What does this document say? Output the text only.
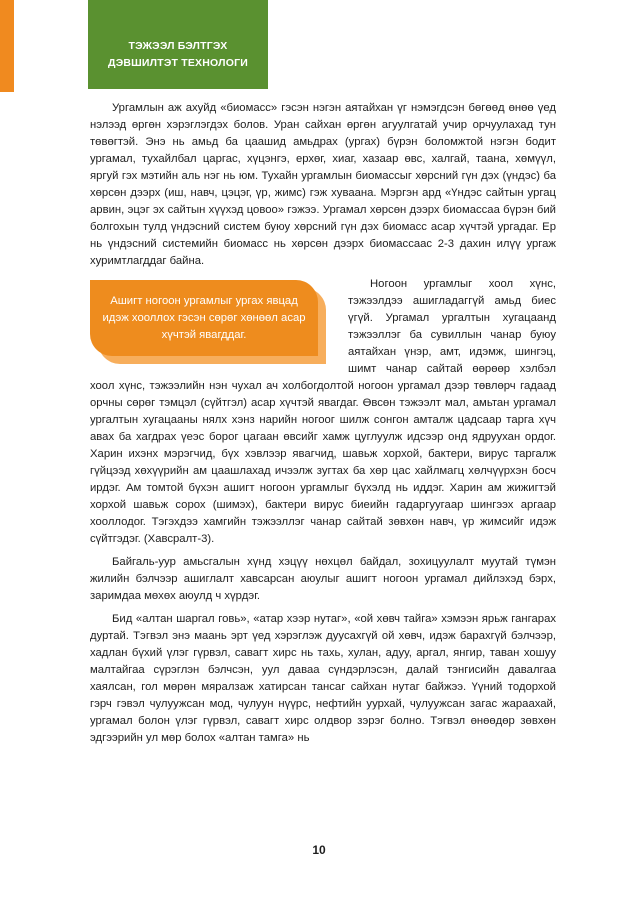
ТЭЖЭЭЛ БЭЛТГЭХ
ДЭВШИЛТЭТ ТЕХНОЛОГИ

Ургамлын аж ахуйд «биомасс» гэсэн нэгэн аятайхан үг нэмэгдсэн бөгөөд өнөө үед нэлээд өргөн хэрэглэгдэх болов. Уран сайхан өргөн агуулгатай учир орчуулахад тун төвөгтэй. Энэ нь амьд ба цаашид амьдрах (ургах) бүрэн боломжтой нэгэн бодит ургамал, тухайлбал царгас, хүцэнгэ, ерхөг, хиаг, хазаар өвс, халгай, таана, хөмүүл, яргуй гэх мэтийн аль нэг нь юм. Тухайн ургамлын биомассыг хөрсний гүн дэх (үндэс) ба хөрсөн дээрх (иш, навч, цэцэг, үр, жимс) гэж хуваана. Мэргэн ард «Үндэс сайтын ургац арвин, эцэг эх сайтын хүүхэд цовоо» гэжээ. Ургамал хөрсөн дээрх биомассаа бүрэн бий болгохын тулд үндэсний систем буюу хөрсний гүн дэх биомасс асар хүчтэй ургадаг. Ер нь үндэсний системийн биомасс нь хөрсөн дээрх биомассаас 2-3 дахин илүү ургаж хуримтлагддаг байна.

Ашигт ногоон ургамлыг ургах явцад идэж хооллох гэсэн сөрөг хөнөөл асар хүчтэй явагддаг.

Ногоон ургамлыг хоол хүнс, тэжээлдээ ашигладаггүй амьд биес үгүй. Ургамал ургалтын хугацаанд тэжээллэг ба сувиллын чанар буюу аятайхан үнэр, амт, идэмж, шингэц, шимт чанар сайтай өөрөөр хэлбэл хоол хүнс, тэжээлийн нэн чухал ач холбогдолтой ногоон ургамал дээр төвлөрч гадаад орчны сөрөг тэмцэл (сүйтгэл) асар хүчтэй явагдаг. Өвсөн тэжээлт мал, амьтан ургамал ургалтын хугацааны нялх хэнз нарийн ногоог шилж сонгон амталж цадсаар тарга хүч авах ба хагдрах үеэс борог цагаан өвсийг хамж цуглуулж идсээр онд ядруухан ордог. Харин ихэнх мэрэгчид, бүх хэвлээр явагчид, шавьж хорхой, бактери, вирус таргалж гүйцээд хөхүүрийн ам цаашлахад ичээлж зугтах ба хөр цас хайлмагц хөлчүүрхэн босч ирдэг. Ам томтой бүхэн ашигт ногоон ургамлыг бүхэлд нь иддэг. Харин ам жижигтэй хорхой шавьж сорох (шимэх), бактери вирус биеийн гадаргуугаар шингээх аргаар хооллодог. Тэгэхдээ хамгийн тэжээллэг чанар сайтай зөвхөн навч, үр жимсийг идэж сүйтгэдэг. (Хавсралт-3).

Байгаль-уур амьсгалын хүнд хэцүү нөхцөл байдал, зохицуулалт муутай түмэн жилийн бэлчээр ашиглалт хавсарсан аюулыг ашигт ногоон ургамал дийлэхэд бэрх, заримдаа мөхөх аюулд ч хүрдэг.

Бид «алтан шаргал говь», «атар хээр нутаг», «ой хөвч тайга» хэмээн ярьж гангарах дуртай. Тэгвэл энэ маань эрт үед хэрэглэж дуусахгүй ой хөвч, идэж барахгүй бэлчээр, хадлан бүхий үлэг гүрвэл, савагт хирс нь тахь, хулан, адуу, аргал, янгир, таван хошуу малтайгаа сүрэглэн бэлчсэн, уул даваа сүндэрлэсэн, далай тэнгисийн давалгаа хаялсан, гол мөрөн мяралзаж хатирсан тансаг сайхан нутаг байжээ. Үүний тодорхой гэрч гэвэл чулуужсан мод, чулуун нүүрс, нефтийн уурхай, чулуужсан загас жараахай, ургамал болон үлэг гүрвэл, савагт хирс олдвор зэрэг болно. Тэгвэл өнөөдөр зөвхөн эдгээрийн ул мөр болох «алтан тамга» нь

10
